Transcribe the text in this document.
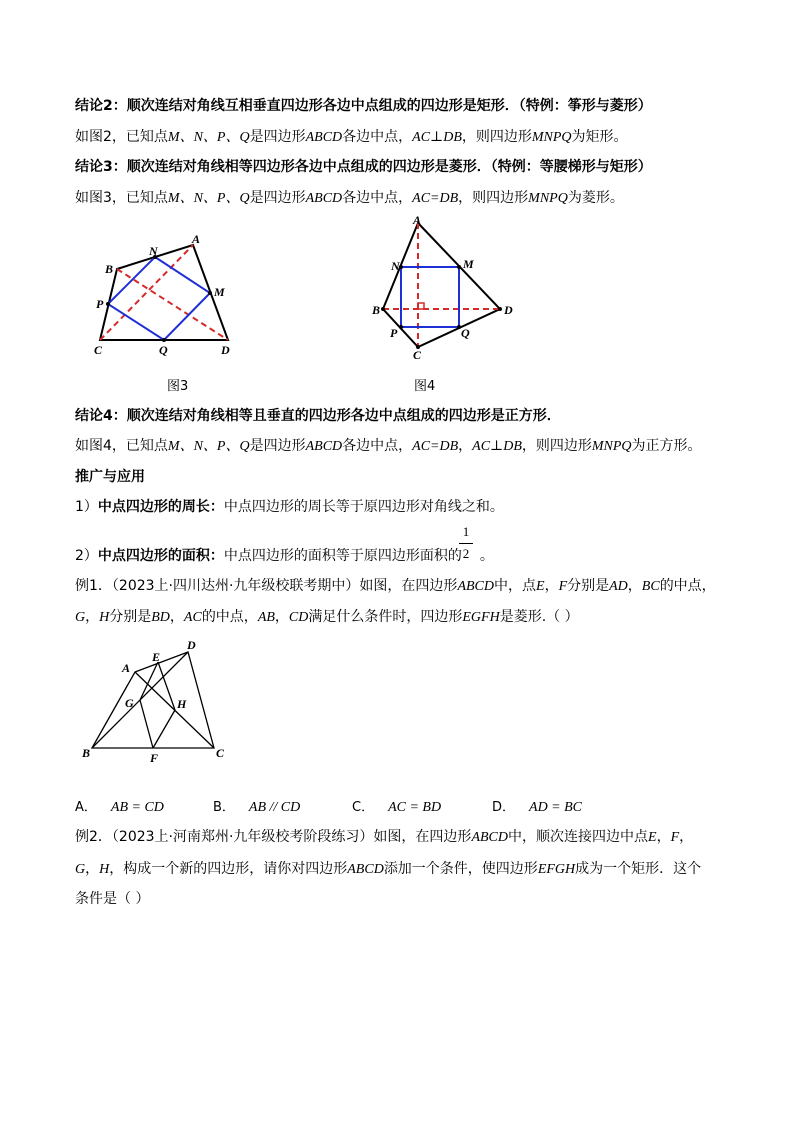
结论2：顺次连结对角线互相垂直四边形各边中点组成的四边形是矩形．（特例：筝形与菱形）
如图2，已知点M、N、P、Q是四边形ABCD各边中点，AC⊥DB，则四边形MNPQ为矩形。
结论3：顺次连结对角线相等四边形各边中点组成的四边形是菱形．（特例：等腰梯形与矩形）
如图3，已知点M、N、P、Q是四边形ABCD各边中点，AC=DB，则四边形MNPQ为菱形。
A
B
C	D
M
N
P
Q
图3
A
B
C
D
M
N
P	Q
图4
结论4：顺次连结对角线相等且垂直的四边形各边中点组成的四边形是正方形．
如图4，已知点M、N、P、Q是四边形ABCD各边中点，AC=DB，AC⊥DB，则四边形MNPQ为正方形。
推广与应用
1）中点四边形的周长：中点四边形的周长等于原四边形对角线之和。
2）中点四边形的面积：中点四边形的面积等于原四边形面积的 。
1
2
例1．（2023上·四川达州·九年级校联考期中）如图，在四边形ABCD中，点E，F分别是AD，BC的中点，
G，H分别是BD，AC的中点，AB，CD满足什么条件时，四边形EGFH是菱形.（ ）
A
B	C
D
E
F
G	H
A． AB = CD	B． AB // CD	C． AC = BD	D． AD = BC
例2．（2023上·河南郑州·九年级校考阶段练习）如图，在四边形ABCD中，顺次连接四边中点E，F，
G，H，构成一个新的四边形，请你对四边形ABCD添加一个条件，使四边形EFGH成为一个矩形．这个
条件是（ ）
